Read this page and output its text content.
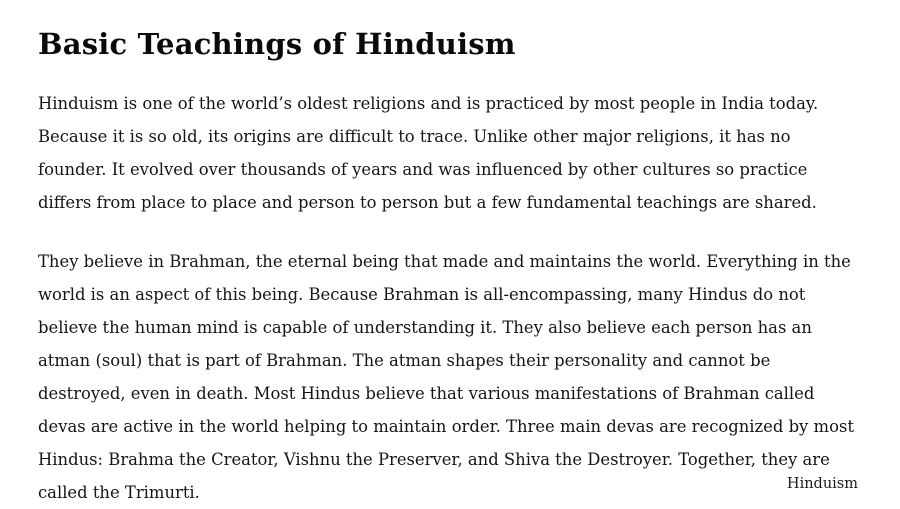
Basic Teachings of Hinduism

Hinduism is one of the world’s oldest religions and is practiced by most people in India today. Because it is so old, its origins are difficult to trace. Unlike other major religions, it has no founder. It evolved over thousands of years and was influenced by other cultures so practice differs from place to place and person to person but a few fundamental teachings are shared.

They believe in Brahman, the eternal being that made and maintains the world. Everything in the world is an aspect of this being. Because Brahman is all-encompassing, many Hindus do not believe the human mind is capable of understanding it. They also believe each person has an atman (soul) that is part of Brahman. The atman shapes their personality and cannot be destroyed, even in death. Most Hindus believe that various manifestations of Brahman called devas are active in the world helping to maintain order. Three main devas are recognized by most Hindus: Brahma the Creator, Vishnu the Preserver, and Shiva the Destroyer. Together, they are called the Trimurti.	Hinduism
